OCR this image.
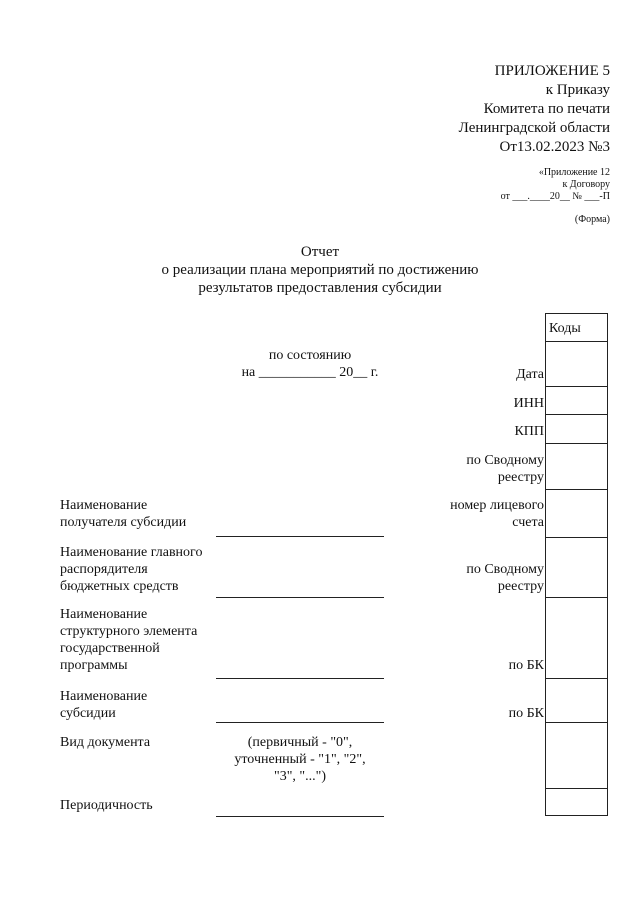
ПРИЛОЖЕНИЕ 5
к Приказу
Комитета по печати
Ленинградской области
От13.02.2023 №3
«Приложение 12
к Договору
от ___.____20__ № ___-П
(Форма)
Отчет
о реализации плана мероприятий по достижению
результатов предоставления субсидии
по состоянию
на ___________ 20__ г.
Коды
Дата
ИНН
КПП
по Сводному
реестру
номер лицевого
счета
по Сводному
реестру
по БК
по БК
Наименование
получателя субсидии
Наименование главного
распорядителя
бюджетных средств
Наименование
структурного элемента
государственной
программы
Наименование
субсидии
Вид документа	(первичный - "0",
уточненный - "1", "2",
"3", "...")
Периодичность
